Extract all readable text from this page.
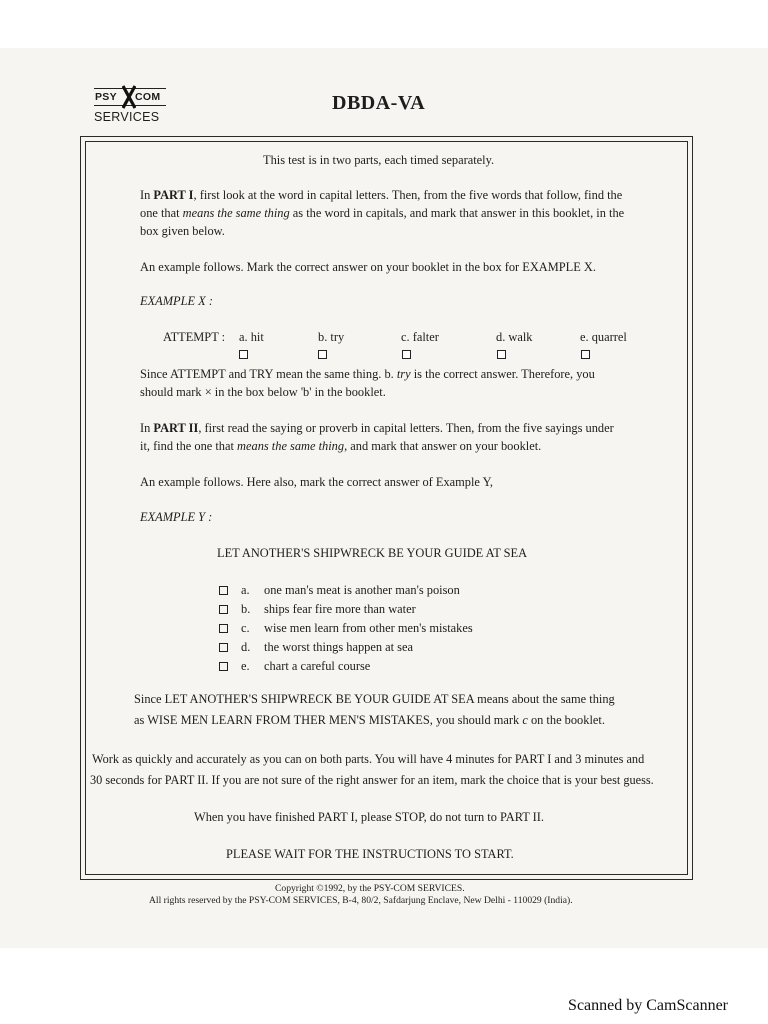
PSY COM
SERVICES
DBDA-VA
This test is in two parts, each timed separately.
In PART I, first look at the word in capital letters. Then, from the five words that follow, find the
one that means the same thing as the word in capitals, and mark that answer in this booklet, in the
box given below.
An example follows. Mark the correct answer on your booklet in the box for EXAMPLE X.
EXAMPLE X :
ATTEMPT : a. hit	b. try	c. falter	d. walk	e. quarrel
Since ATTEMPT and TRY mean the same thing. b. try is the correct answer. Therefore, you
should mark × in the box below 'b' in the booklet.
In PART II, first read the saying or proverb in capital letters. Then, from the five sayings under
it, find the one that means the same thing, and mark that answer on your booklet.
An example follows. Here also, mark the correct answer of Example Y,
EXAMPLE Y :
LET ANOTHER'S SHIPWRECK BE YOUR GUIDE AT SEA
a. one man's meat is another man's poison
b. ships fear fire more than water
c. wise men learn from other men's mistakes
d. the worst things happen at sea
e. chart a careful course
Since LET ANOTHER'S SHIPWRECK BE YOUR GUIDE AT SEA means about the same thing
as WISE MEN LEARN FROM THER MEN'S MISTAKES, you should mark c on the booklet.
Work as quickly and accurately as you can on both parts. You will have 4 minutes for PART I and 3 minutes and
30 seconds for PART II. If you are not sure of the right answer for an item, mark the choice that is your best guess.
When you have finished PART I, please STOP, do not turn to PART II.
PLEASE WAIT FOR THE INSTRUCTIONS TO START.
Copyright ©1992, by the PSY-COM SERVICES.
All rights reserved by the PSY-COM SERVICES, B-4, 80/2, Safdarjung Enclave, New Delhi - 110029 (India).
Scanned by CamScanner
